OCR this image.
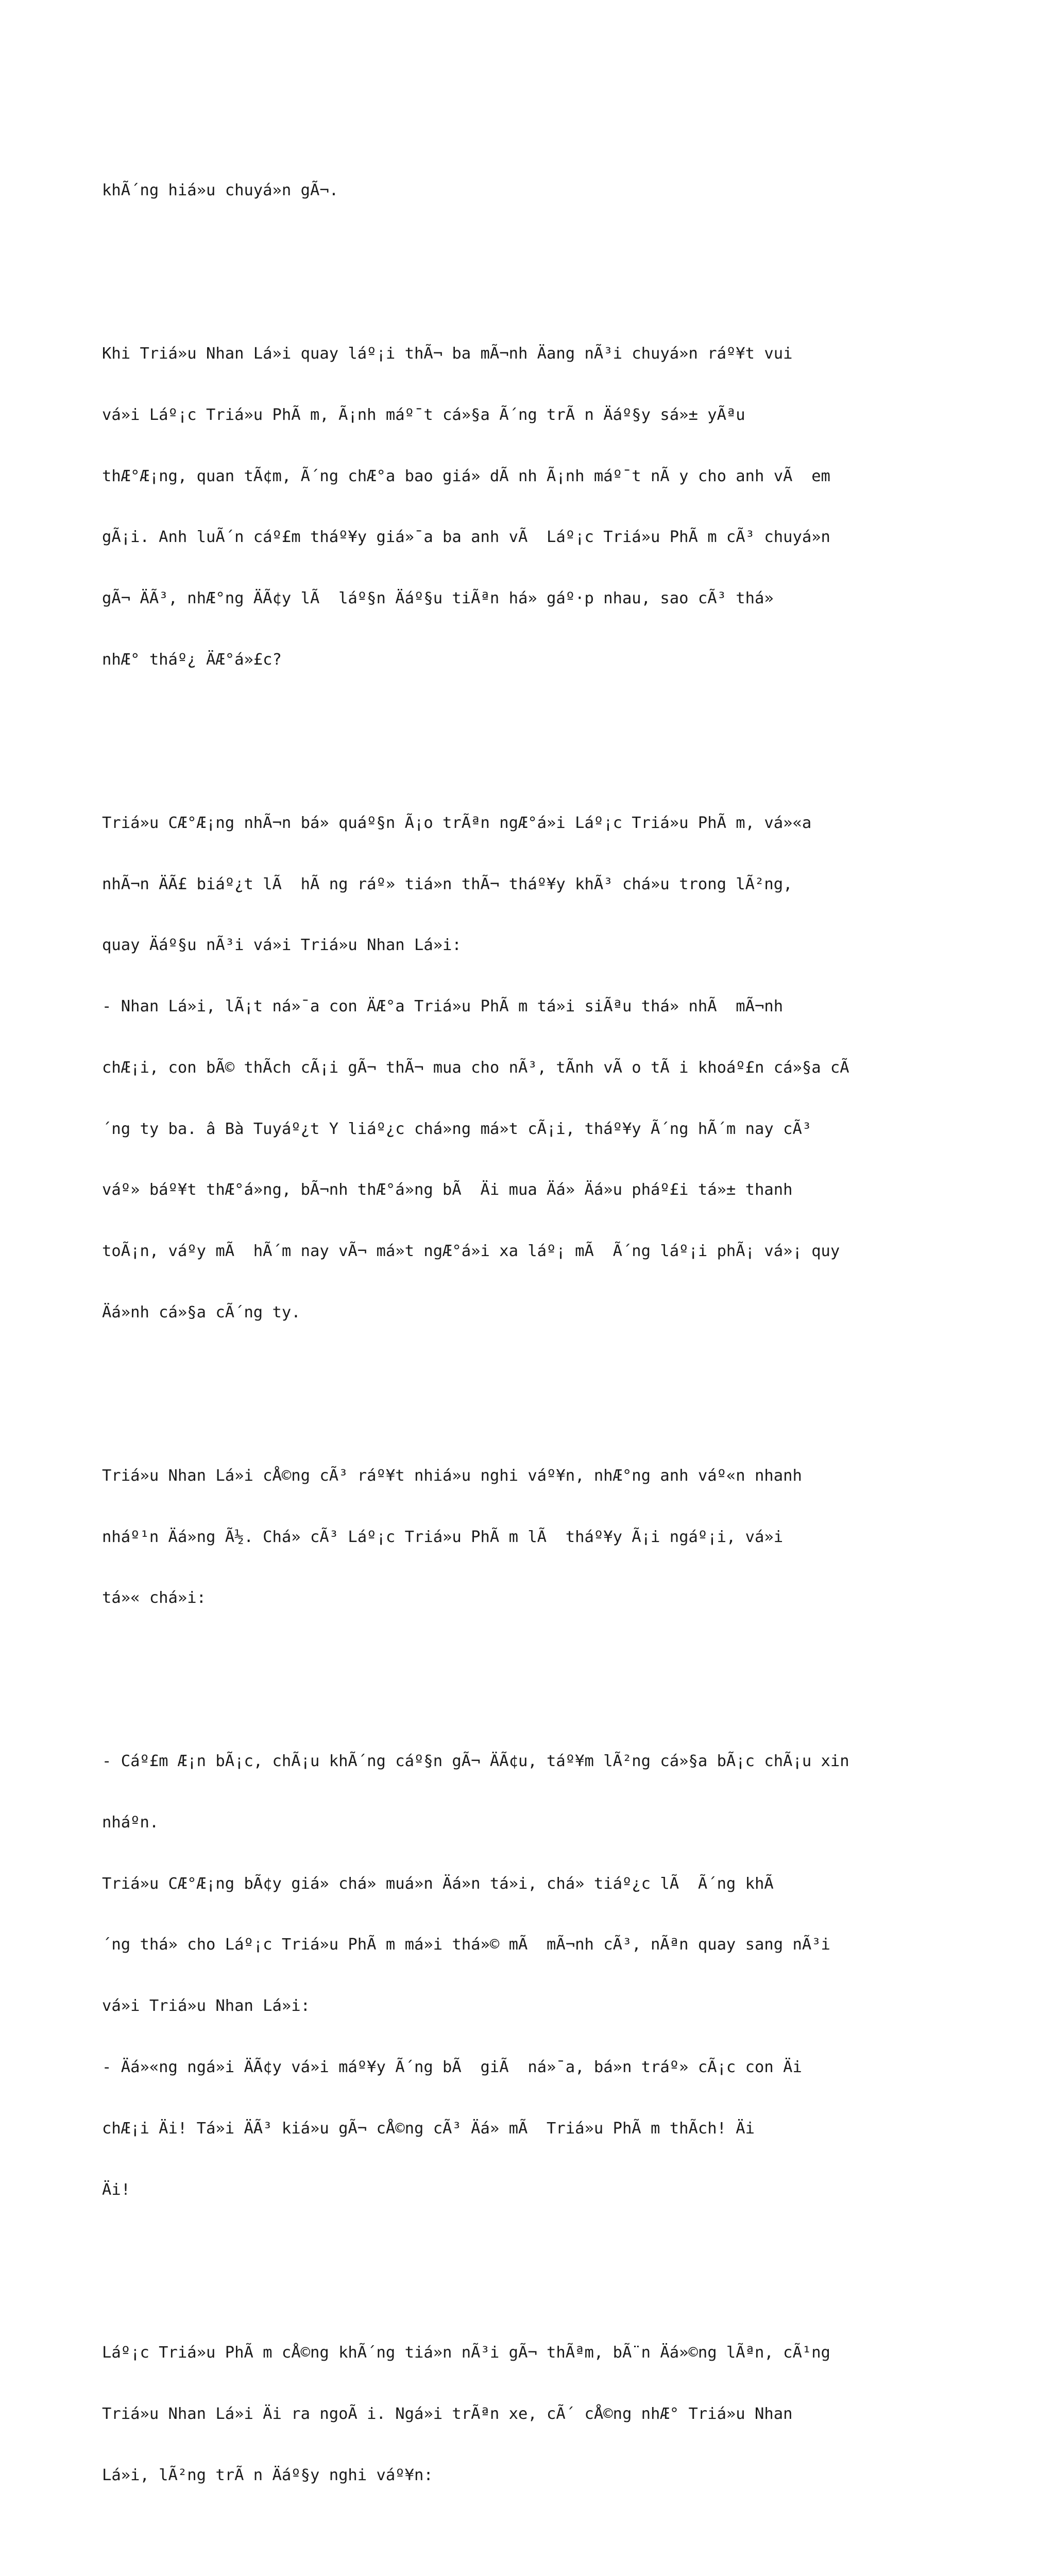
khÃ´ng hiá»u chuyá»n gÃ¬.

Khi Triá»u Nhan Lá»i quay láº¡i thÃ¬ ba mÃ¬nh Äang nÃ³i chuyá»n ráº¥t vui

vá»i Láº¡c Triá»u PhÃ m, Ã¡nh máº¯t cá»§a Ã´ng trÃ n Äáº§y sá»± yÃªu

thÆ°Æ¡ng, quan tÃ¢m, Ã´ng chÆ°a bao giá» dÃ nh Ã¡nh máº¯t nÃ y cho anh vÃ  em

gÃ¡i. Anh luÃ´n cáº£m tháº¥y giá»¯a ba anh vÃ  Láº¡c Triá»u PhÃ m cÃ³ chuyá»n

gÃ¬ ÄÃ³, nhÆ°ng ÄÃ¢y lÃ  láº§n Äáº§u tiÃªn há» gáº·p nhau, sao cÃ³ thá»

nhÆ° tháº¿ ÄÆ°á»£c?

Triá»u CÆ°Æ¡ng nhÃ¬n bá» quáº§n Ã¡o trÃªn ngÆ°á»i Láº¡c Triá»u PhÃ m, vá»«a

nhÃ¬n ÄÃ£ biáº¿t lÃ  hÃ ng ráº» tiá»n thÃ¬ tháº¥y khÃ³ chá»u trong lÃ²ng,

quay Äáº§u nÃ³i vá»i Triá»u Nhan Lá»i:

- Nhan Lá»i, lÃ¡t ná»¯a con ÄÆ°a Triá»u PhÃ m tá»i siÃªu thá» nhÃ  mÃ¬nh

chÆ¡i, con bÃ© thÃch cÃ¡i gÃ¬ thÃ¬ mua cho nÃ³, tÃnh vÃ o tÃ i khoáº£n cá»§a cÃ

´ng ty ba. â Bà Tuyáº¿t Y liáº¿c chá»ng má»t cÃ¡i, tháº¥y Ã´ng hÃ´m nay cÃ³

váº» báº¥t thÆ°á»ng, bÃ¬nh thÆ°á»ng bÃ  Äi mua Äá» Äá»u pháº£i tá»± thanh

toÃ¡n, váºy mÃ  hÃ´m nay vÃ¬ má»t ngÆ°á»i xa láº¡ mÃ  Ã´ng láº¡i phÃ¡ vá»¡ quy

Äá»nh cá»§a cÃ´ng ty.

Triá»u Nhan Lá»i cÅ©ng cÃ³ ráº¥t nhiá»u nghi váº¥n, nhÆ°ng anh váº«n nhanh

nháº¹n Äá»ng Ã½. Chá» cÃ³ Láº¡c Triá»u PhÃ m lÃ  tháº¥y Ã¡i ngáº¡i, vá»i

tá»« chá»i:

- Cáº£m Æ¡n bÃ¡c, chÃ¡u khÃ´ng cáº§n gÃ¬ ÄÃ¢u, táº¥m lÃ²ng cá»§a bÃ¡c chÃ¡u xin

nháºn.

Triá»u CÆ°Æ¡ng bÃ¢y giá» chá» muá»n Äá»n tá»i, chá» tiáº¿c lÃ  Ã´ng khÃ

´ng thá» cho Láº¡c Triá»u PhÃ m má»i thá»© mÃ  mÃ¬nh cÃ³, nÃªn quay sang nÃ³i

vá»i Triá»u Nhan Lá»i:

- Äá»«ng ngá»i ÄÃ¢y vá»i máº¥y Ã´ng bÃ  giÃ  ná»¯a, bá»n tráº» cÃ¡c con Äi

chÆ¡i Äi! Tá»i ÄÃ³ kiá»u gÃ¬ cÅ©ng cÃ³ Äá» mÃ  Triá»u PhÃ m thÃch! Äi

Äi!

Láº¡c Triá»u PhÃ m cÅ©ng khÃ´ng tiá»n nÃ³i gÃ¬ thÃªm, bÃ¨n Äá»©ng lÃªn, cÃ¹ng

Triá»u Nhan Lá»i Äi ra ngoÃ i. Ngá»i trÃªn xe, cÃ´ cÅ©ng nhÆ° Triá»u Nhan

Lá»i, lÃ²ng trÃ n Äáº§y nghi váº¥n:
